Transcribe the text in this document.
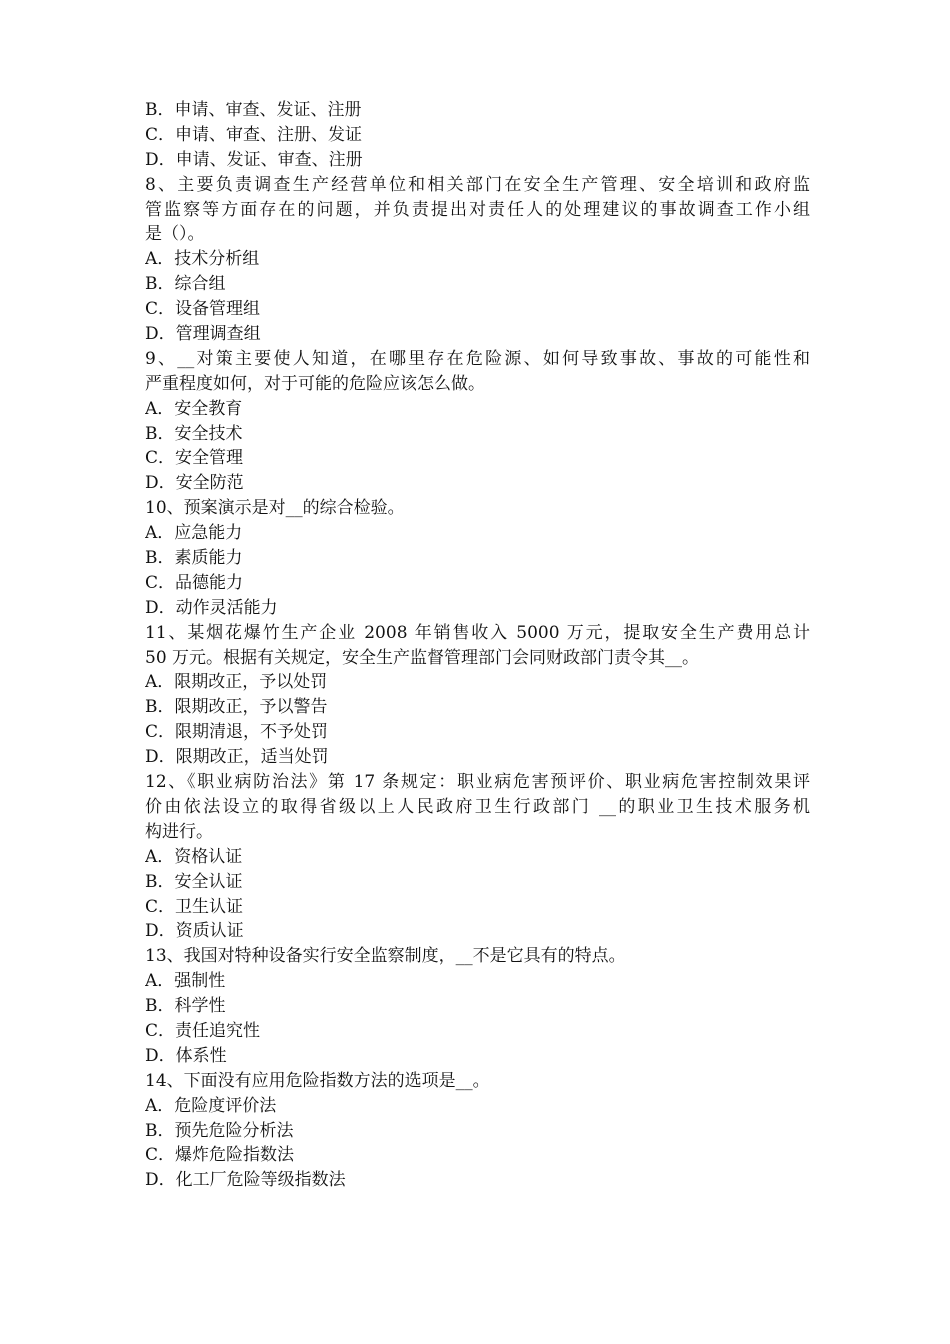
B．申请、审查、发证、注册
C．申请、审查、注册、发证
D．申请、发证、审查、注册
8、主要负责调查生产经营单位和相关部门在安全生产管理、安全培训和政府监
管监察等方面存在的问题，并负责提出对责任人的处理建议的事故调查工作小组
是（）。
A．技术分析组
B．综合组
C．设备管理组
D．管理调查组
9、__对策主要使人知道，在哪里存在危险源、如何导致事故、事故的可能性和
严重程度如何，对于可能的危险应该怎么做。
A．安全教育
B．安全技术
C．安全管理
D．安全防范
10、预案演示是对__的综合检验。
A．应急能力
B．素质能力
C．品德能力
D．动作灵活能力
11、某烟花爆竹生产企业 2008 年销售收入 5000 万元，提取安全生产费用总计
50 万元。根据有关规定，安全生产监督管理部门会同财政部门责令其__。
A．限期改正，予以处罚
B．限期改正，予以警告
C．限期清退，不予处罚
D．限期改正，适当处罚
12、《职业病防治法》第 17 条规定：职业病危害预评价、职业病危害控制效果评
价由依法设立的取得省级以上人民政府卫生行政部门 __的职业卫生技术服务机
构进行。
A．资格认证
B．安全认证
C．卫生认证
D．资质认证
13、我国对特种设备实行安全监察制度，__不是它具有的特点。
A．强制性
B．科学性
C．责任追究性
D．体系性
14、下面没有应用危险指数方法的选项是__。
A．危险度评价法
B．预先危险分析法
C．爆炸危险指数法
D．化工厂危险等级指数法
